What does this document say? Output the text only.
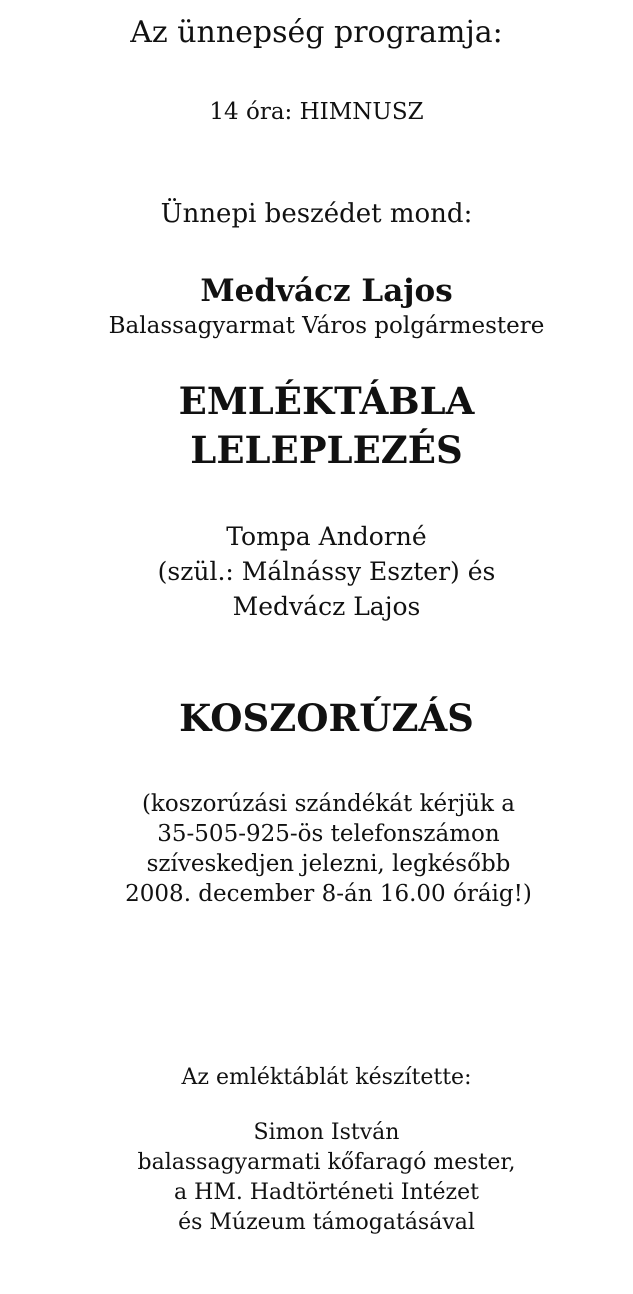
Az ünnepség programja:
14 óra: HIMNUSZ
Ünnepi beszédet mond:
Medvácz Lajos
Balassagyarmat Város polgármestere
EMLÉKTÁBLA
LELEPLEZÉS
Tompa Andorné
(szül.: Málnássy Eszter) és
Medvácz Lajos
KOSZORÚZÁS
(koszorúzási szándékát kérjük a
35-505-925-ös telefonszámon
szíveskedjen jelezni, legkésőbb
2008. december 8-án 16.00 óráig!)
Az emléktáblát készítette:
Simon István
balassagyarmati kőfaragó mester,
a HM. Hadtörténeti Intézet
és Múzeum támogatásával
